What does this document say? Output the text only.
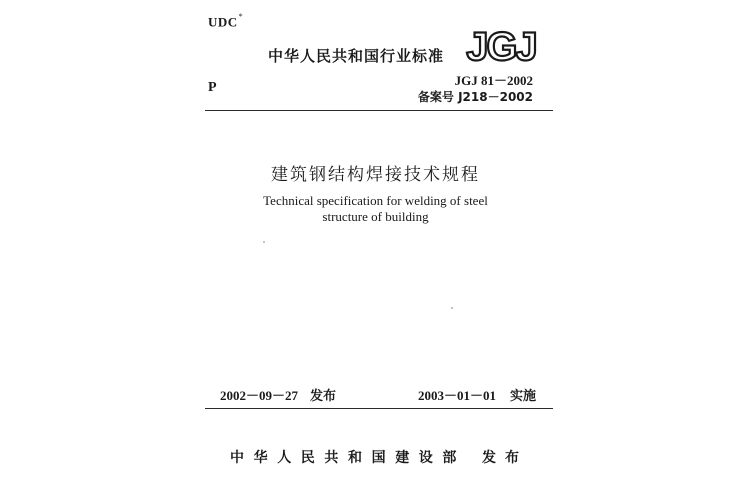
UDC*
中华人民共和国行业标准 JGJ
P	JGJ 81－2002
备案号 J218－2002
建筑钢结构焊接技术规程
Technical specification for welding of steel
structure of building
2002－09－27 发布	2003－01－01 实施
中华人民共和国建设部 发布
